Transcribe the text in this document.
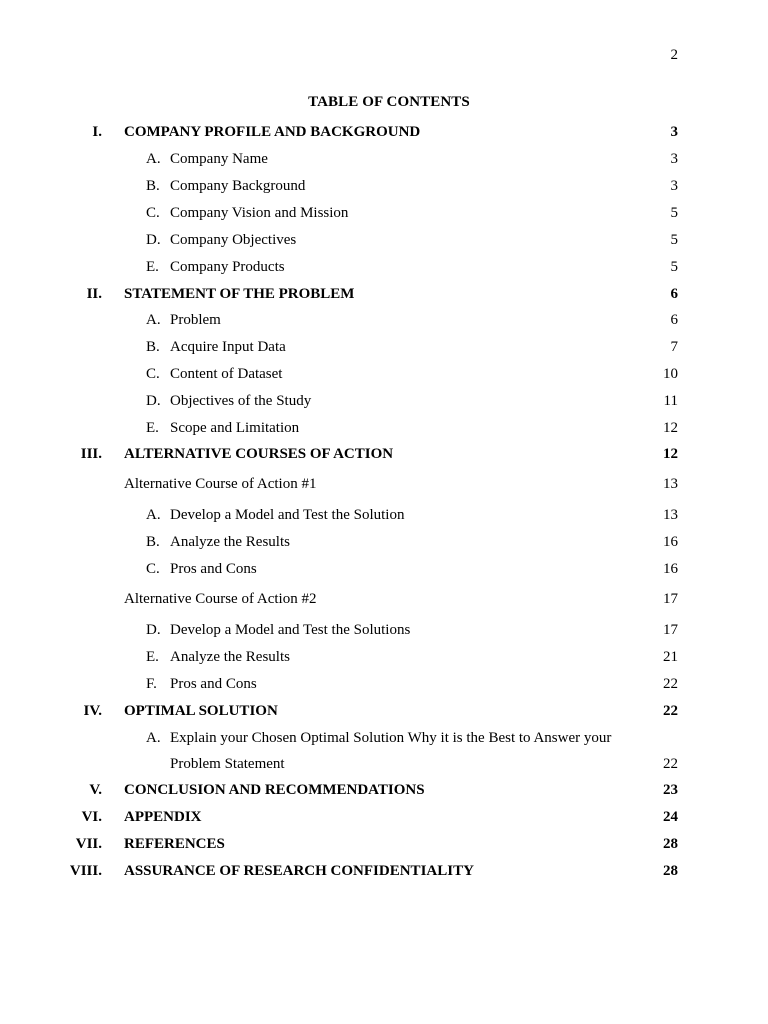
2
TABLE OF CONTENTS
I. COMPANY PROFILE AND BACKGROUND	3
A. Company Name	3
B. Company Background	3
C. Company Vision and Mission	5
D. Company Objectives	5
E. Company Products	5
II. STATEMENT OF THE PROBLEM	6
A. Problem	6
B. Acquire Input Data	7
C. Content of Dataset	10
D. Objectives of the Study	11
E. Scope and Limitation	12
III. ALTERNATIVE COURSES OF ACTION	12
Alternative Course of Action #1	13
A. Develop a Model and Test the Solution	13
B. Analyze the Results	16
C. Pros and Cons	16
Alternative Course of Action #2	17
D. Develop a Model and Test the Solutions	17
E. Analyze the Results	21
F. Pros and Cons	22
IV. OPTIMAL SOLUTION	22
A. Explain your Chosen Optimal Solution Why it is the Best to Answer your
Problem Statement	22
V. CONCLUSION AND RECOMMENDATIONS	23
VI. APPENDIX	24
VII. REFERENCES	28
VIII. ASSURANCE OF RESEARCH CONFIDENTIALITY	28
